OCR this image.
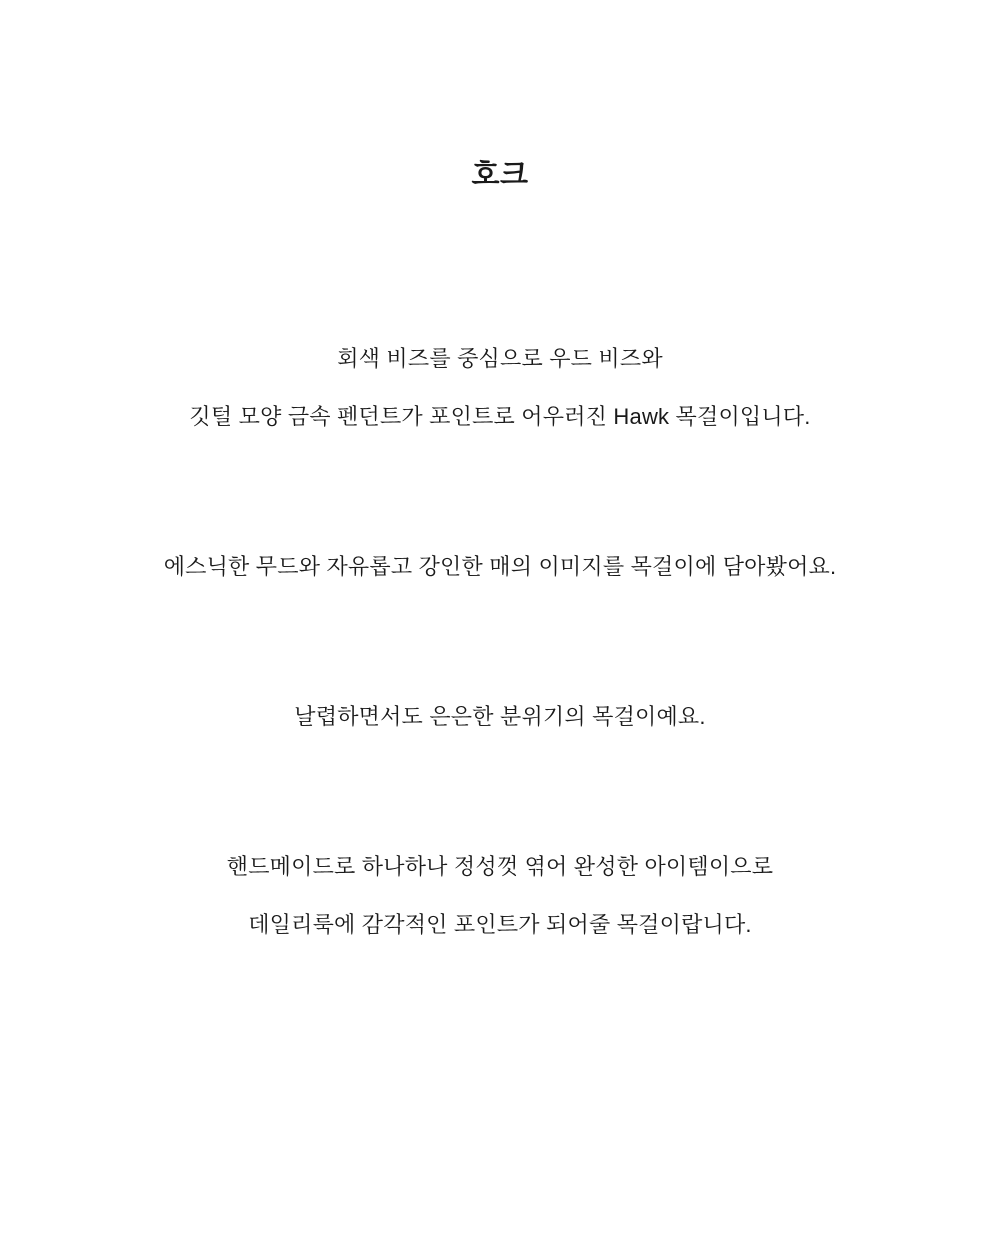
호크

회색 비즈를 중심으로 우드 비즈와

깃털 모양 금속 펜던트가 포인트로 어우러진 Hawk 목걸이입니다.

에스닉한 무드와 자유롭고 강인한 매의 이미지를 목걸이에 담아봤어요.

날렵하면서도 은은한 분위기의 목걸이예요.

핸드메이드로 하나하나 정성껏 엮어 완성한 아이템이으로

데일리룩에 감각적인 포인트가 되어줄 목걸이랍니다.
